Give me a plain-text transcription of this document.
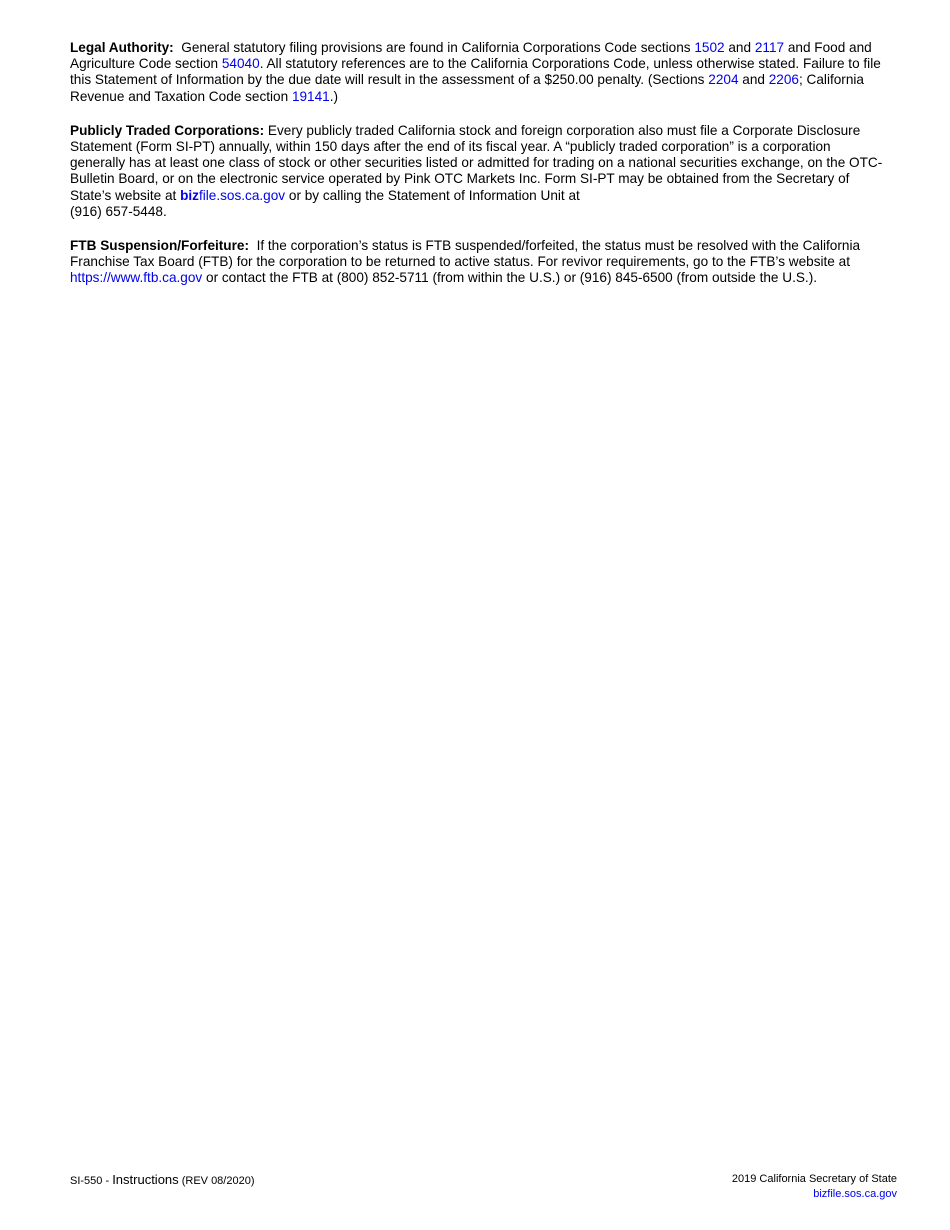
Legal Authority: General statutory filing provisions are found in California Corporations Code sections 1502 and 2117 and Food and Agriculture Code section 54040. All statutory references are to the California Corporations Code, unless otherwise stated. Failure to file this Statement of Information by the due date will result in the assessment of a $250.00 penalty. (Sections 2204 and 2206; California Revenue and Taxation Code section 19141.)

Publicly Traded Corporations: Every publicly traded California stock and foreign corporation also must file a Corporate Disclosure Statement (Form SI-PT) annually, within 150 days after the end of its fiscal year. A “publicly traded corporation” is a corporation generally has at least one class of stock or other securities listed or admitted for trading on a national securities exchange, on the OTC-Bulletin Board, or on the electronic service operated by Pink OTC Markets Inc. Form SI-PT may be obtained from the Secretary of State’s website at bizfile.sos.ca.gov or by calling the Statement of Information Unit at
(916) 657-5448.

FTB Suspension/Forfeiture: If the corporation’s status is FTB suspended/forfeited, the status must be resolved with the California Franchise Tax Board (FTB) for the corporation to be returned to active status. For revivor requirements, go to the FTB’s website at https://www.ftb.ca.gov or contact the FTB at (800) 852-5711 (from within the U.S.) or (916) 845-6500 (from outside the U.S.).

SI-550 - Instructions (REV 08/2020)	2019 California Secretary of State
bizfile.sos.ca.gov
